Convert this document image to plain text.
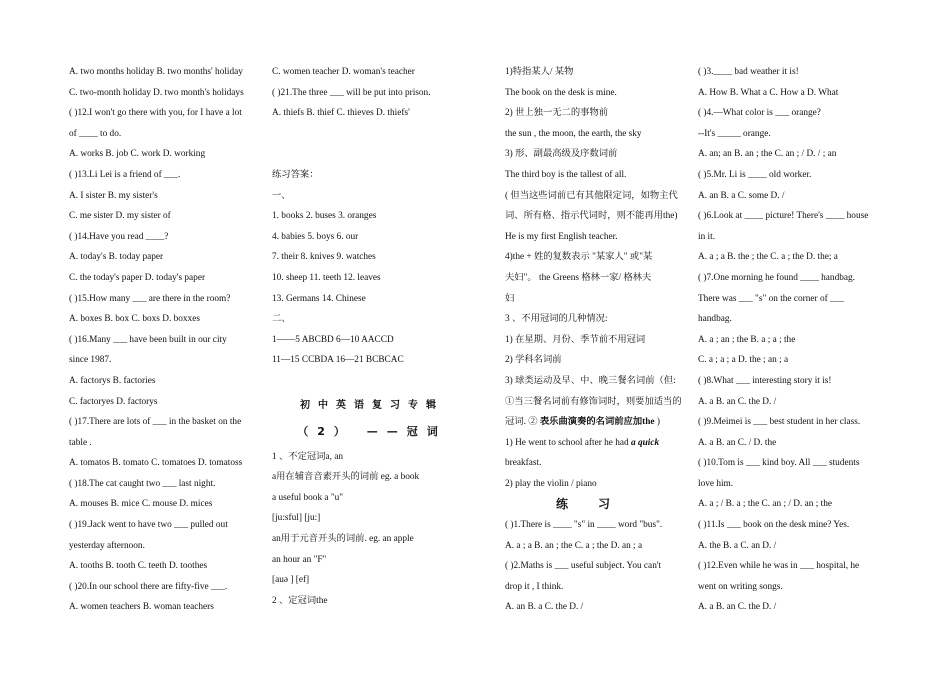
A. two months holiday B. two months' holiday
C. two-month holiday D. two month's holidays
( )12.I won't go there with you, for I have a lot
of ____ to do.
A. works B. job C. work D. working
( )13.Li Lei is a friend of ___.
A. I sister B. my sister's
C. me sister D. my sister of
( )14.Have you read ____?
A. today's B. today paper
C. the today's paper D. today's paper
( )15.How many ___ are there in the room?
A. boxes B. box C. boxs D. boxxes
( )16.Many ___ have been built in our city
since 1987.
A. factorys B. factories
C. factoryes D. factorys
( )17.There are lots of ___ in the basket on the
table .
A. tomatos B. tomato C. tomatoes D. tomatoss
( )18.The cat caught two ___ last night.
A. mouses B. mice C. mouse D. mices
( )19.Jack went to have two ___ pulled out
yesterday afternoon.
A. tooths B. tooth C. teeth D. toothes
( )20.In our school there are fifty-five ___.
A. women teachers B. woman teachers
C. women teacher D. woman's teacher
( )21.The three ___ will be put into prison.
A. thiefs B. thief C. thieves D. thiefs'
练习答案：
一、
1. books 2. buses 3. oranges
4. babies 5. boys 6. our
7. their 8. knives 9. watches
10. sheep 11. teeth 12. leaves
13. Germans 14. Chinese
二、
1——5 ABCBD 6—10 AACCD
11—15 CCBDA 16—21 BCBCAC
初中英语复习专辑
（2） ——冠词
1 、不定冠词a, an
a用在辅音音素开头的词前 eg. a book
a useful book a "u"
[ju:sful] [ju:]
an用于元音开头的词前. eg. an apple
an hour an "F"
[auə ] [ef]
2 、定冠词the
1)特指某人/ 某物
The book on the desk is mine.
2) 世上独一无二的事物前
the sun , the moon, the earth, the sky
3) 形、副最高级及序数词前
The third boy is the tallest of all.
( 但当这些词前已有其他限定词，如物主代
词、所有格、指示代词时，则不能再用the)
He is my first English teacher.
4)the + 姓的复数表示 "某家人" 或"某
夫妇"。 the Greens 格林一家/ 格林夫
妇
3 、不用冠词的几种情况:
1) 在星期、月份、季节前不用冠词
2) 学科名词前
3) 球类运动及早、中、晚三餐名词前（但:
①当三餐名词前有修饰词时，则要加适当的
冠词. ② 表乐曲演奏的名词前应加the )
1) He went to school after he had a quick
breakfast.
2) play the violin / piano
练习
( )1.There is ____ "s" in ____ word "bus".
A. a ; a B. an ; the C. a ; the D. an ; a
( )2.Maths is ___ useful subject. You can't
drop it , I think.
A. an B. a C. the D. /
( )3.____ bad weather it is!
A. How B. What a C. How a D. What
( )4.—What color is ___ orange?
--It's _____ orange.
A. an; an B. an ; the C. an ; / D. / ; an
( )5.Mr. Li is ____ old worker.
A. an B. a C. some D. /
( )6.Look at ____ picture! There's ____ house
in it.
A. a ; a B. the ; the C. a ; the D. the; a
( )7.One morning he found ____ handbag.
There was ___ "s" on the corner of ___
handbag.
A. a ; an ; the B. a ; a ; the
C. a ; a ; a D. the ; an ; a
( )8.What ___ interesting story it is!
A. a B. an C. the D. /
( )9.Meimei is ___ best student in her class.
A. a B. an C. / D. the
( )10.Tom is ___ kind boy. All ___ students
love him.
A. a ; / B. a ; the C. an ; / D. an ; the
( )11.Is ___ book on the desk mine? Yes.
A. the B. a C. an D. /
( )12.Even while he was in ___ hospital, he
went on writing songs.
A. a B. an C. the D. /
